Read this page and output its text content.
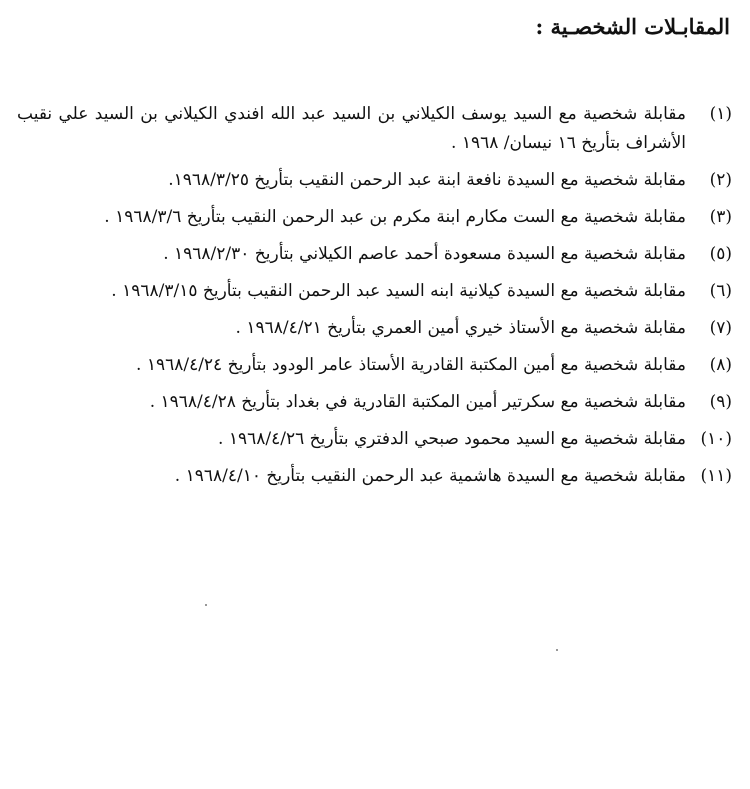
المقابـلات الشخصـية :
(١)
مقابلة شخصية مع السيد يوسف الكيلاني بن السيد عبد الله افندي الكيلاني بن السيد علي نقيب الأشراف بتأريخ ١٦ نيسان/ ١٩٦٨ .
(٢)
مقابلة شخصية مع السيدة نافعة ابنة عبد الرحمن النقيب بتأريخ ١٩٦٨/٣/٢٥.
(٣)
مقابلة شخصية مع الست مكارم ابنة مكرم بن عبد الرحمن النقيب بتأريخ ١٩٦٨/٣/٦ .
(٥)
مقابلة شخصية مع السيدة مسعودة أحمد عاصم الكيلاني بتأريخ ١٩٦٨/٢/٣٠ .
(٦)
مقابلة شخصية مع السيدة كيلانية ابنه السيد عبد الرحمن النقيب بتأريخ ١٩٦٨/٣/١٥ .
(٧)
مقابلة شخصية مع الأستاذ خيري أمين العمري بتأريخ ١٩٦٨/٤/٢١ .
(٨)
مقابلة شخصية مع أمين المكتبة القادرية الأستاذ عامر الودود بتأريخ ١٩٦٨/٤/٢٤ .
(٩)
مقابلة شخصية مع سكرتير أمين المكتبة القادرية في بغداد بتأريخ ١٩٦٨/٤/٢٨ .
(١٠)
مقابلة شخصية مع السيد محمود صبحي الدفتري بتأريخ ١٩٦٨/٤/٢٦ .
(١١)
مقابلة شخصية مع السيدة هاشمية عبد الرحمن النقيب بتأريخ ١٩٦٨/٤/١٠ .
